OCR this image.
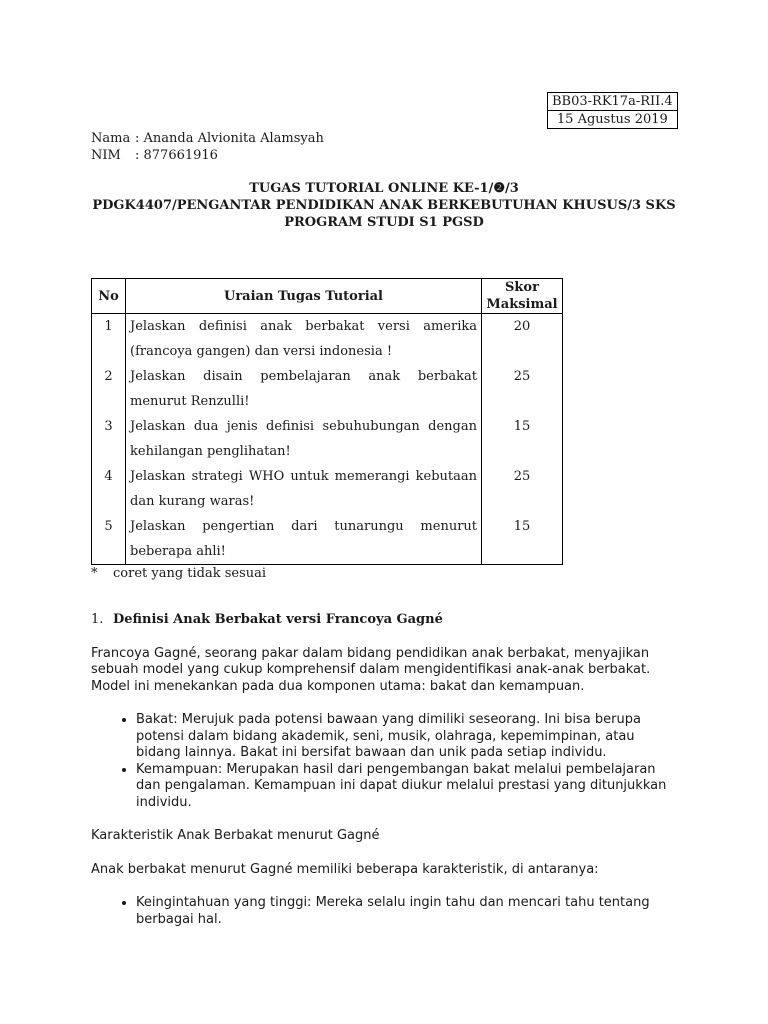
BB03-RK17a-RII.4
15 Agustus 2019
Nama : Ananda Alvionita Alamsyah
NIM	: 877661916
TUGAS TUTORIAL ONLINE KE-1/❷/3
PDGK4407/PENGANTAR PENDIDIKAN ANAK BERKEBUTUHAN KHUSUS/3 SKS
PROGRAM STUDI S1 PGSD
No	Uraian Tugas Tutorial	Skor Maksimal
1	Jelaskan definisi anak berbakat versi amerika (francoya gangen) dan versi indonesia !	20
2	Jelaskan disain pembelajaran anak berbakat menurut Renzulli!	25
3	Jelaskan dua jenis definisi sebuhubungan dengan kehilangan penglihatan!	15
4	Jelaskan strategi WHO untuk memerangi kebutaan dan kurang waras!	25
5	Jelaskan pengertian dari tunarungu menurut beberapa ahli!	15
* coret yang tidak sesuai
1. Definisi Anak Berbakat versi Francoya Gagné

Francoya Gagné, seorang pakar dalam bidang pendidikan anak berbakat, menyajikan sebuah model yang cukup komprehensif dalam mengidentifikasi anak-anak berbakat. Model ini menekankan pada dua komponen utama: bakat dan kemampuan.

• Bakat: Merujuk pada potensi bawaan yang dimiliki seseorang. Ini bisa berupa potensi dalam bidang akademik, seni, musik, olahraga, kepemimpinan, atau bidang lainnya. Bakat ini bersifat bawaan dan unik pada setiap individu.
• Kemampuan: Merupakan hasil dari pengembangan bakat melalui pembelajaran dan pengalaman. Kemampuan ini dapat diukur melalui prestasi yang ditunjukkan individu.

Karakteristik Anak Berbakat menurut Gagné

Anak berbakat menurut Gagné memiliki beberapa karakteristik, di antaranya:

• Keingintahuan yang tinggi: Mereka selalu ingin tahu dan mencari tahu tentang berbagai hal.
